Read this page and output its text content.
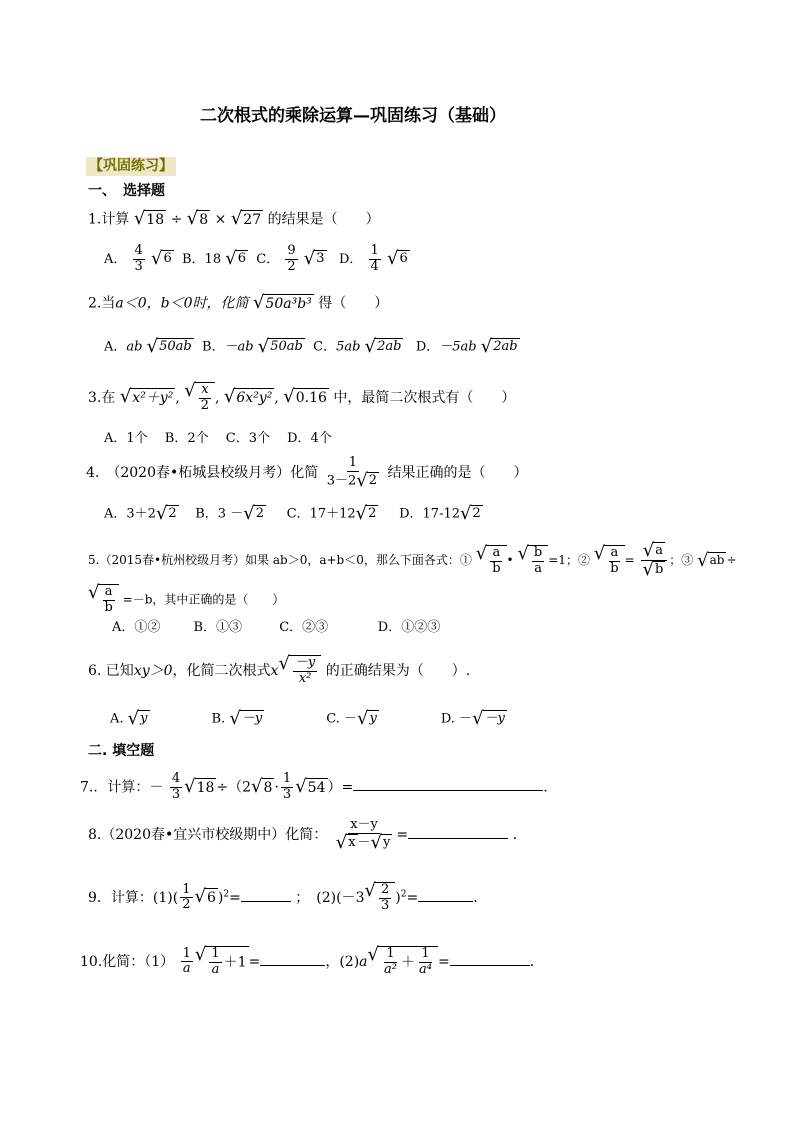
二次根式的乘除运算—巩固练习（基础）
【巩固练习】
一、　选择题
1.计算 √ 18 ÷ √ 8 × √ 27 的结果是（　　）
A． $\frac{4}{3}$
√ 6 B．18 √ 6 C． $\frac{9}{2}$
√ 3 D． $\frac{1}{4}$
√ 6
2.当a＜0，b＜0时，化简 √ 50a³b³ 得（　　）
A．ab √ 50ab B．－ab √ 50ab C．5ab √ 2ab D．－5ab √ 2ab
3.在 √ x²＋y² , √ $\frac{x}{2}$ , √ 6x²y² , √ 0.16 中，最简二次根式有（　　）
A．1个　 B．2个　 C．3个　 D．4个
4.　（2020春•柘城县校级月考）化简 $\frac{1}{3-2 √ 2}$ 结果正确的是（　　）
A．3＋2 √ 2 B．3 － √ 2 C．17＋12 √ 2 D．17-12 √ 2
5.（2015春•杭州校级月考）如果 ab＞0，a+b＜0，那么下面各式：① √ $\frac{a}{b}$ • √ $\frac{b}{a} =1$；② √ $\frac{a}{b} = \frac{√ a}{√ b}$ ；③ √ ab ÷
√ $\frac{a}{b} =-b$，其中正确的是（　　）
A．①②	B．①③	C．②③	D．①②③
6. 已知xy＞0，化简二次根式x √ $\frac{-y}{\text{x²}}$ 的正确结果为（　　）.
A. √ y	B. √ －y	C. － √ y	D. － √ －y
二. 填空题
7.．计算：－ $\frac{4}{3}$ √ 18 ÷（2 √ $8 \cdot \frac{1}{3}$ √ 54 ）=	.
8.（2020春•宜兴市校级期中）化简： $\frac{x-y}{√ x - √ y}$ =	.
9．计算：$(1)( \frac{1}{2}$ √ 6 )$^2$=	；　(2)(－3 √ $\frac{2}{3} )^2=$	.
10.化简：$(1) \frac{1}{a}$ √ $\frac{1}{a} +1$ =	，(2)a √ $\frac{1}{\text{a²}} + \frac{1}{\text{a⁴}}$ =	.
